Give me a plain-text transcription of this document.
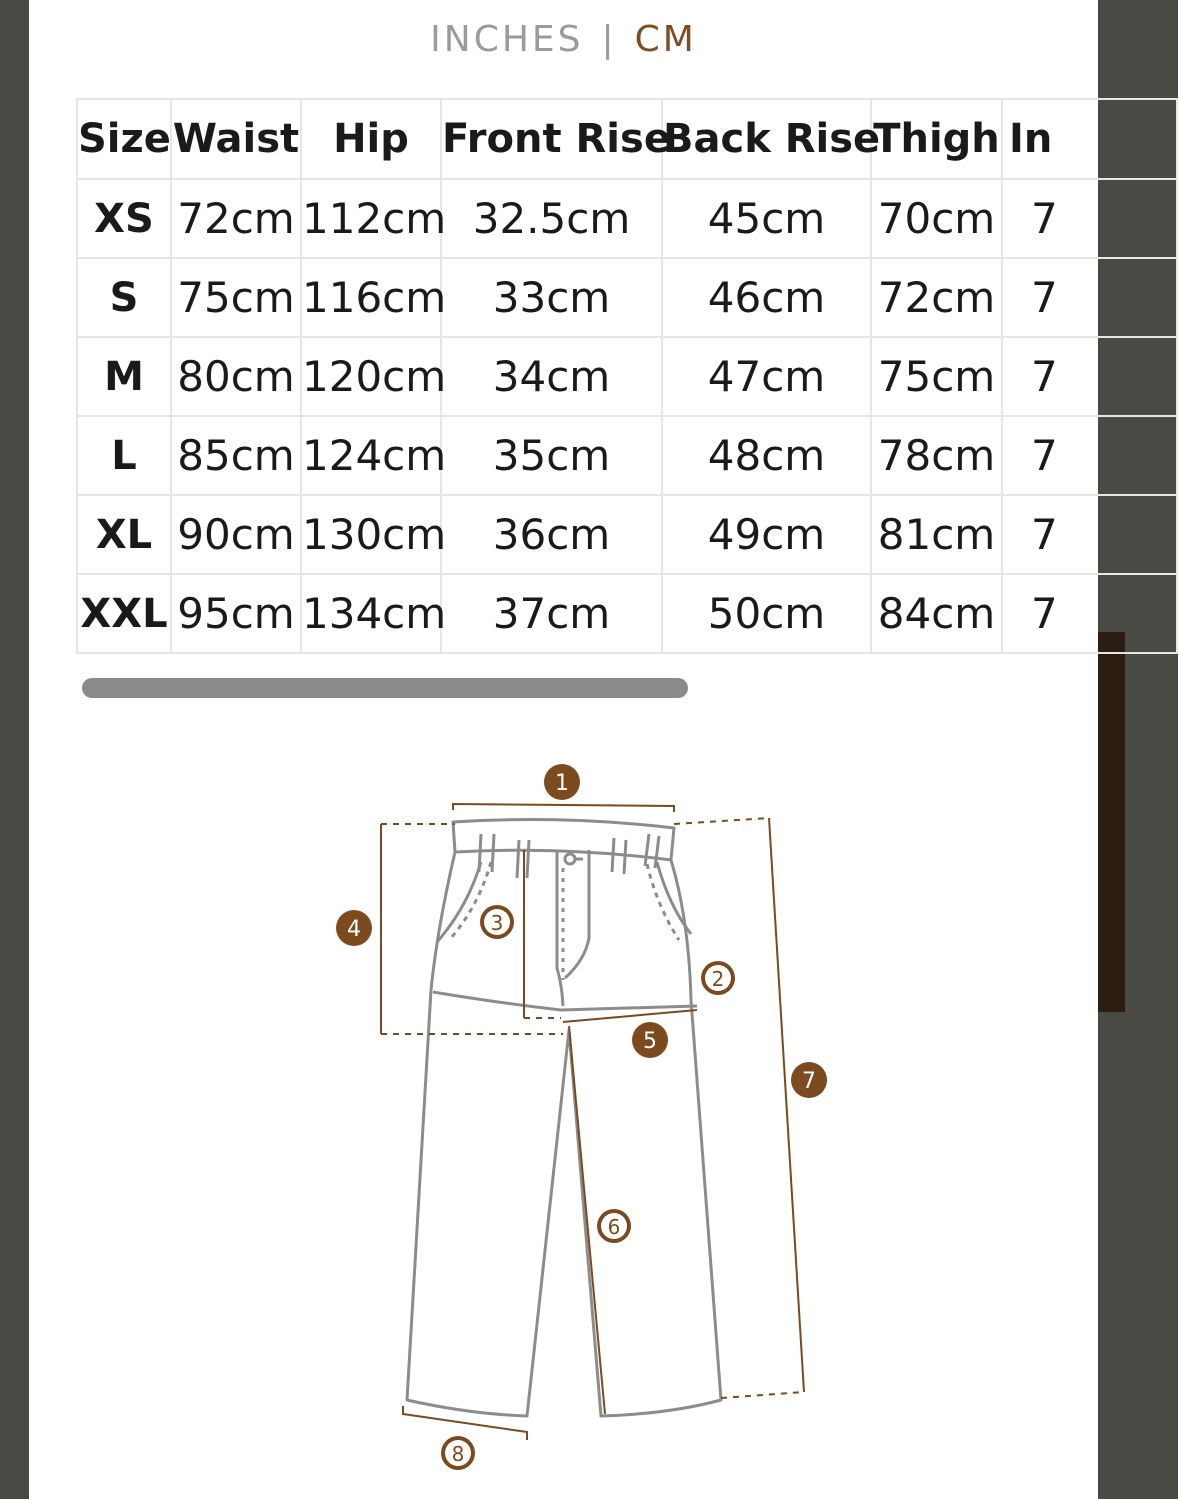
INCHES | CM
Size	Waist	Hip	Front Rise	Back Rise	Thigh	In
XS	72cm	112cm	32.5cm	45cm	70cm	7
S	75cm	116cm	33cm	46cm	72cm	7
M	80cm	120cm	34cm	47cm	75cm	7
L	85cm	124cm	35cm	48cm	78cm	7
XL	90cm	130cm	36cm	49cm	81cm	7
XXL	95cm	134cm	37cm	50cm	84cm	7
1
2
3
4
5
6
7
8
